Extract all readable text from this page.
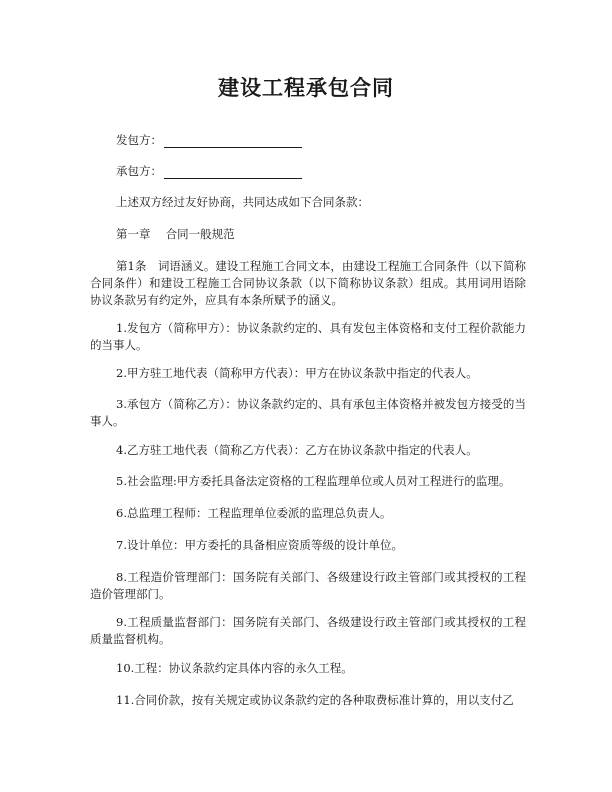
建设工程承包合同
发包方：
承包方：

上述双方经过友好协商，共同达成如下合同条款：

第一章　 合同一般规范

第1条　词语涵义。建设工程施工合同文本，由建设工程施工合同条件（以下简称合同条件）和建设工程施工合同协议条款（以下简称协议条款）组成。其用词用语除协议条款另有约定外，应具有本条所赋予的涵义。

1.发包方（简称甲方）：协议条款约定的、具有发包主体资格和支付工程价款能力的当事人。

2.甲方驻工地代表（简称甲方代表）：甲方在协议条款中指定的代表人。

3.承包方（简称乙方）：协议条款约定的、具有承包主体资格并被发包方接受的当事人。

4.乙方驻工地代表（简称乙方代表）：乙方在协议条款中指定的代表人。

5.社会监理:甲方委托具备法定资格的工程监理单位或人员对工程进行的监理。

6.总监理工程师：工程监理单位委派的监理总负责人。

7.设计单位：甲方委托的具备相应资质等级的设计单位。

8.工程造价管理部门：国务院有关部门、各级建设行政主管部门或其授权的工程造价管理部门。

9.工程质量监督部门：国务院有关部门、各级建设行政主管部门或其授权的工程质量监督机构。

10.工程：协议条款约定具体内容的永久工程。

11.合同价款，按有关规定或协议条款约定的各种取费标准计算的，用以支付乙
